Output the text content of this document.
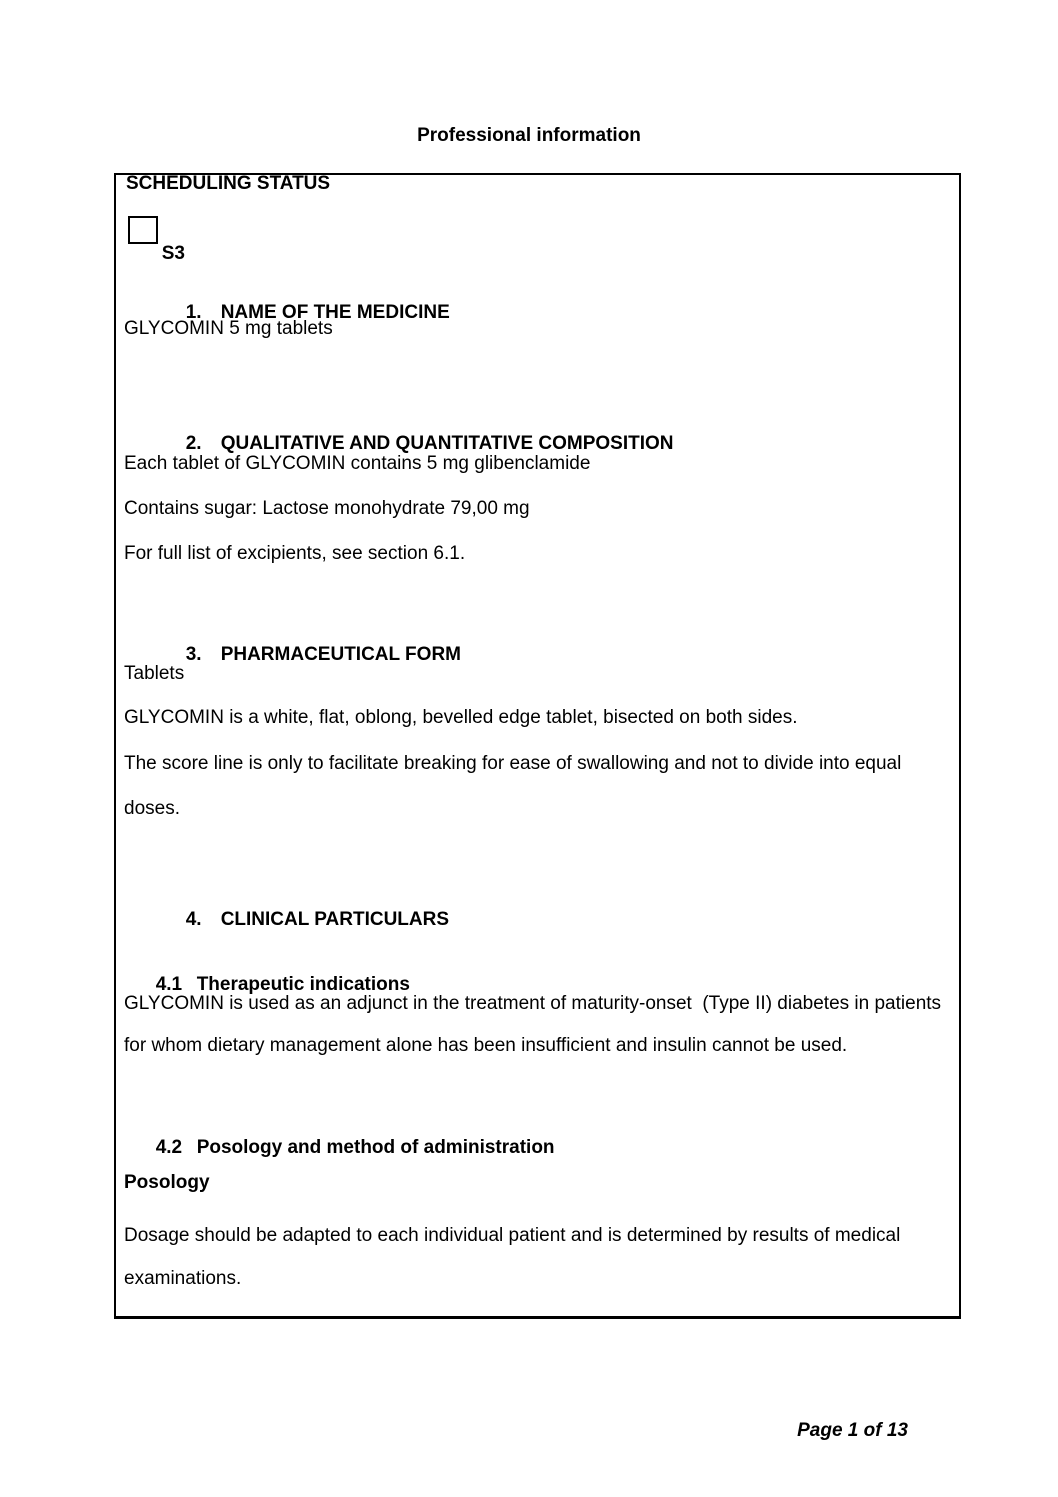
Professional information
SCHEDULING STATUS

S3

1. NAME OF THE MEDICINE

GLYCOMIN 5 mg tablets

2. QUALITATIVE AND QUANTITATIVE COMPOSITION

Each tablet of GLYCOMIN contains 5 mg glibenclamide
Contains sugar: Lactose monohydrate 79,00 mg
For full list of excipients, see section 6.1.

3. PHARMACEUTICAL FORM

Tablets
GLYCOMIN is a white, flat, oblong, bevelled edge tablet, bisected on both sides.
The score line is only to facilitate breaking for ease of swallowing and not to divide into equal
doses.

4. CLINICAL PARTICULARS

4.1 Therapeutic indications

GLYCOMIN is used as an adjunct in the treatment of maturity-onset  (Type II) diabetes in patients
for whom dietary management alone has been insufficient and insulin cannot be used.

4.2 Posology and method of administration

Posology
Dosage should be adapted to each individual patient and is determined by results of medical
examinations.
Page 1 of 13
